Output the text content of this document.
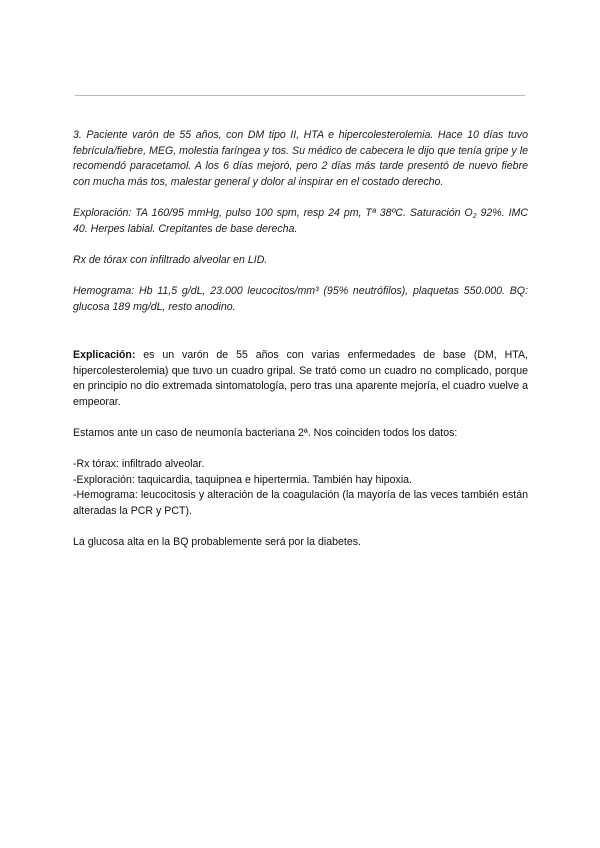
3. Paciente varón de 55 años, con DM tipo II, HTA e hipercolesterolemia. Hace 10 días tuvo febrícula/fiebre, MEG, molestia faríngea y tos. Su médico de cabecera le dijo que tenía gripe y le recomendó paracetamol. A los 6 días mejoró, pero 2 días más tarde presentó de nuevo fiebre con mucha más tos, malestar general y dolor al inspirar en el costado derecho.

Exploración: TA 160/95 mmHg, pulso 100 spm, resp 24 pm, Tª 38ºC. Saturación $O_2$ 92%. IMC 40. Herpes labial. Crepitantes de base derecha.

Rx de tórax con infiltrado alveolar en LID.

Hemograma: Hb 11,5 g/dL, 23.000 leucocitos/mm³ (95% neutrófilos), plaquetas 550.000. BQ: glucosa 189 mg/dL, resto anodino.

Explicación: es un varón de 55 años con varias enfermedades de base (DM, HTA, hipercolesterolemia) que tuvo un cuadro gripal. Se trató como un cuadro no complicado, porque en principio no dio extremada sintomatología, pero tras una aparente mejoría, el cuadro vuelve a empeorar.

Estamos ante un caso de neumonía bacteriana 2ª. Nos coinciden todos los datos:

-Rx tórax: infiltrado alveolar.

-Exploración: taquicardia, taquipnea e hipertermia. También hay hipoxia.

-Hemograma: leucocitosis y alteración de la coagulación (la mayoría de las veces también están alteradas la PCR y PCT).

La glucosa alta en la BQ probablemente será por la diabetes.
